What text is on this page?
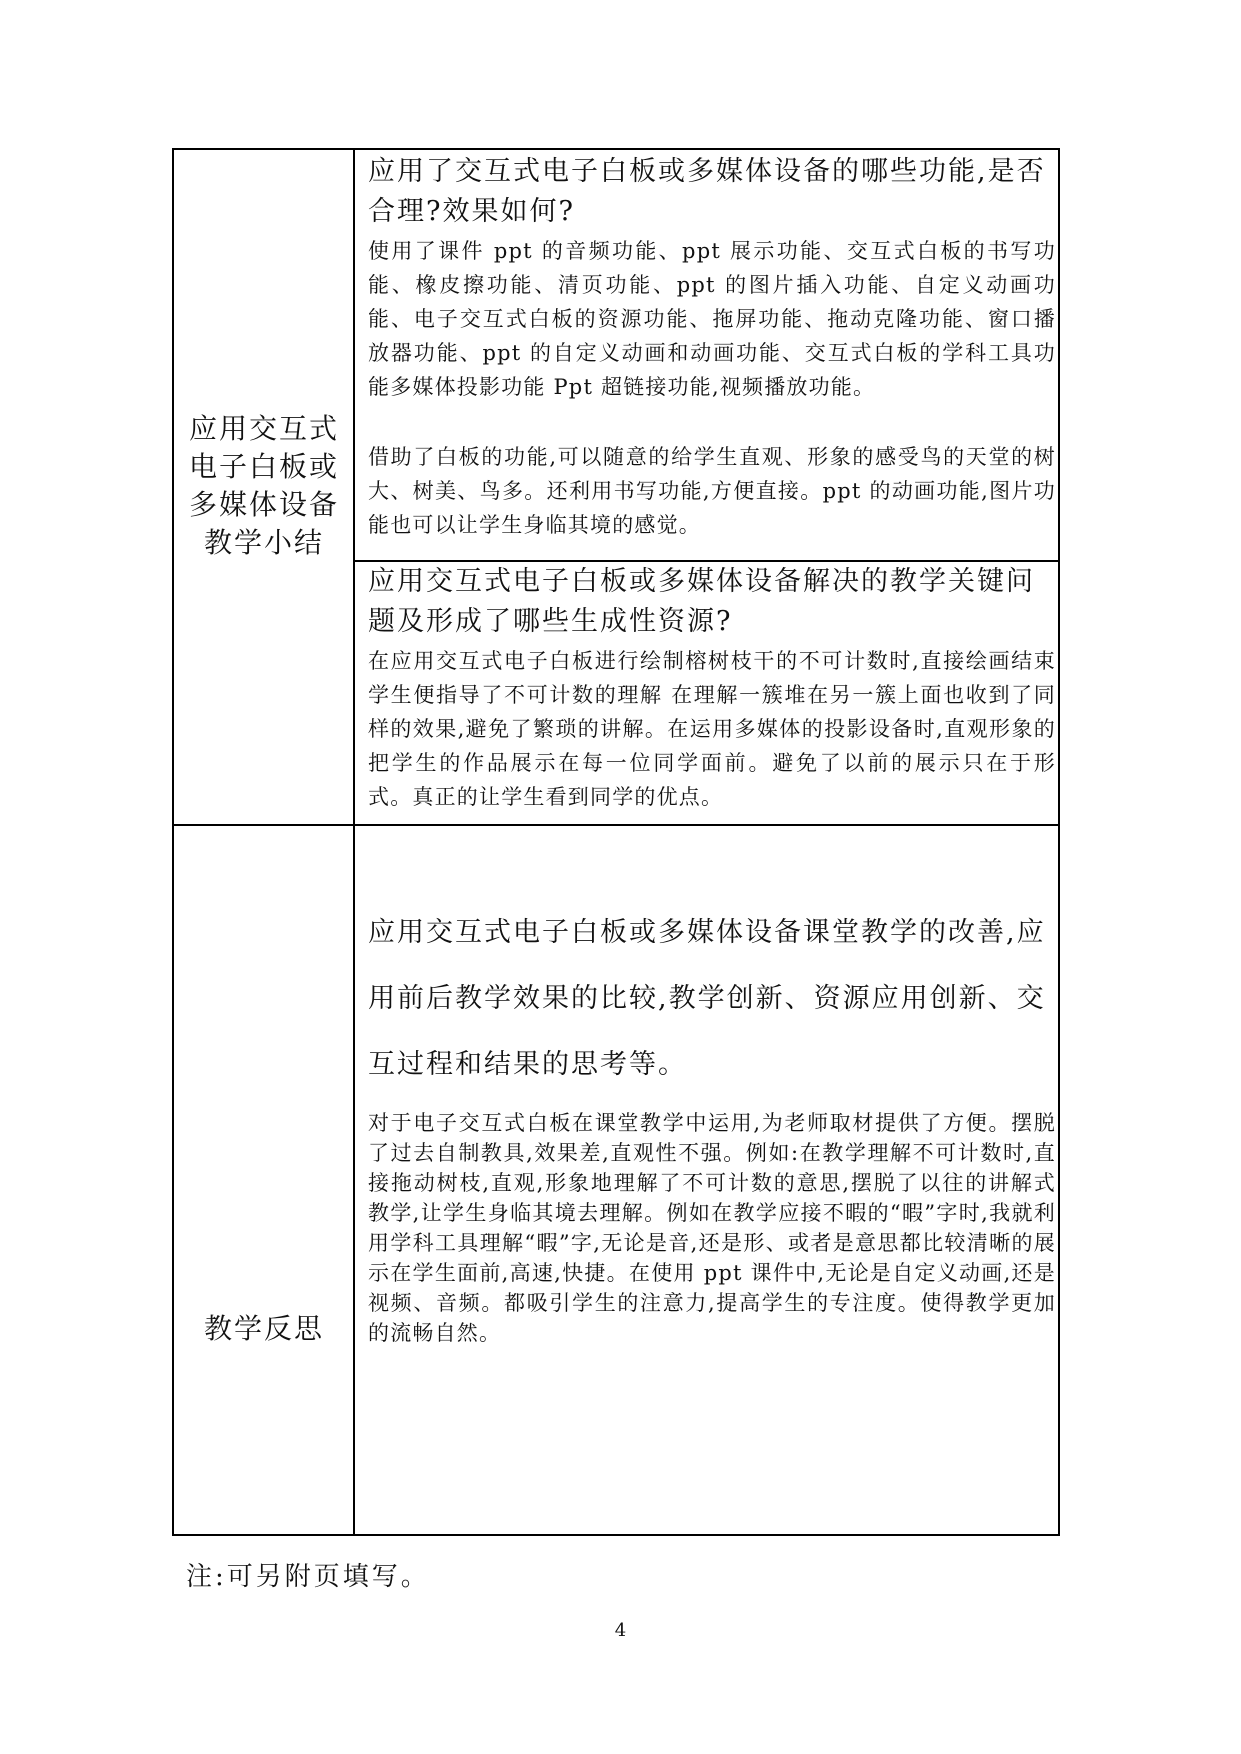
应用交互式
电子白板或
多媒体设备
教学小结

应用了交互式电子白板或多媒体设备的哪些功能,是否合理?效果如何?

使用了课件 ppt 的音频功能、ppt 展示功能、交互式白板的书写功能、橡皮擦功能、清页功能、ppt 的图片插入功能、自定义动画功能、电子交互式白板的资源功能、拖屏功能、拖动克隆功能、窗口播放器功能、ppt 的自定义动画和动画功能、交互式白板的学科工具功能多媒体投影功能 Ppt 超链接功能,视频播放功能。

借助了白板的功能,可以随意的给学生直观、形象的感受鸟的天堂的树大、树美、鸟多。还利用书写功能,方便直接。ppt 的动画功能,图片功能也可以让学生身临其境的感觉。

应用交互式电子白板或多媒体设备解决的教学关键问题及形成了哪些生成性资源?

在应用交互式电子白板进行绘制榕树枝干的不可计数时,直接绘画结束学生便指导了不可计数的理解 在理解一簇堆在另一簇上面也收到了同样的效果,避免了繁琐的讲解。在运用多媒体的投影设备时,直观形象的把学生的作品展示在每一位同学面前。避免了以前的展示只在于形式。真正的让学生看到同学的优点。

教学反思

应用交互式电子白板或多媒体设备课堂教学的改善,应用前后教学效果的比较,教学创新、资源应用创新、交互过程和结果的思考等。

对于电子交互式白板在课堂教学中运用,为老师取材提供了方便。摆脱了过去自制教具,效果差,直观性不强。例如:在教学理解不可计数时,直接拖动树枝,直观,形象地理解了不可计数的意思,摆脱了以往的讲解式教学,让学生身临其境去理解。例如在教学应接不暇的“暇”字时,我就利用学科工具理解“暇”字,无论是音,还是形、或者是意思都比较清晰的展示在学生面前,高速,快捷。在使用 ppt 课件中,无论是自定义动画,还是视频、音频。都吸引学生的注意力,提高学生的专注度。使得教学更加的流畅自然。

注:可另附页填写。
4
